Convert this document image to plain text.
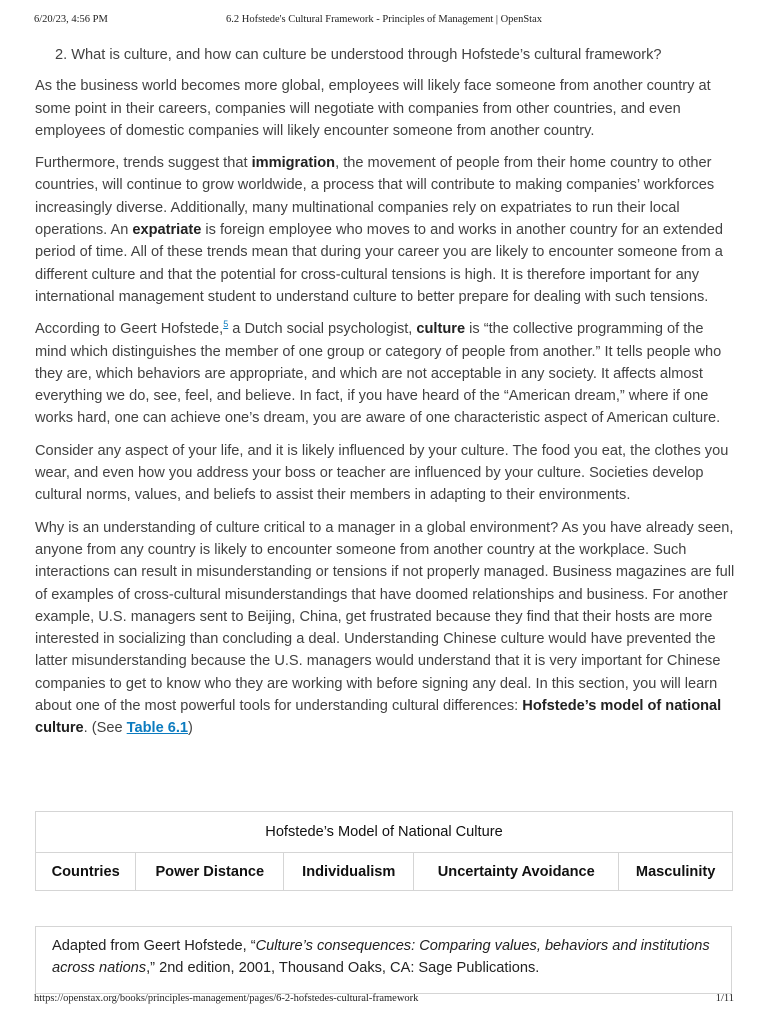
6/20/23, 4:56 PM	6.2 Hofstede's Cultural Framework - Principles of Management | OpenStax
2. What is culture, and how can culture be understood through Hofstede’s cultural framework?

As the business world becomes more global, employees will likely face someone from another country at some point in their careers, companies will negotiate with companies from other countries, and even employees of domestic companies will likely encounter someone from another country.

Furthermore, trends suggest that immigration, the movement of people from their home country to other countries, will continue to grow worldwide, a process that will contribute to making companies’ workforces increasingly diverse. Additionally, many multinational companies rely on expatriates to run their local operations. An expatriate is foreign employee who moves to and works in another country for an extended period of time. All of these trends mean that during your career you are likely to encounter someone from a different culture and that the potential for cross-cultural tensions is high. It is therefore important for any international management student to understand culture to better prepare for dealing with such tensions.

According to Geert Hofstede,$^5$ a Dutch social psychologist, culture is “the collective programming of the mind which distinguishes the member of one group or category of people from another.” It tells people who they are, which behaviors are appropriate, and which are not acceptable in any society. It affects almost everything we do, see, feel, and believe. In fact, if you have heard of the “American dream,” where if one works hard, one can achieve one’s dream, you are aware of one characteristic aspect of American culture.

Consider any aspect of your life, and it is likely influenced by your culture. The food you eat, the clothes you wear, and even how you address your boss or teacher are influenced by your culture. Societies develop cultural norms, values, and beliefs to assist their members in adapting to their environments.

Why is an understanding of culture critical to a manager in a global environment? As you have already seen, anyone from any country is likely to encounter someone from another country at the workplace. Such interactions can result in misunderstanding or tensions if not properly managed. Business magazines are full of examples of cross-cultural misunderstandings that have doomed relationships and business. For another example, U.S. managers sent to Beijing, China, get frustrated because they find that their hosts are more interested in socializing than concluding a deal. Understanding Chinese culture would have prevented the latter misunderstanding because the U.S. managers would understand that it is very important for Chinese companies to get to know who they are working with before signing any deal. In this section, you will learn about one of the most powerful tools for understanding cultural differences: Hofstede’s model of national culture. (See Table 6.1)

Hofstede’s Model of National Culture
Countries	Power Distance	Individualism	Uncertainty Avoidance	Masculinity
Adapted from Geert Hofstede, “Culture’s consequences: Comparing values, behaviors and institutions across nations,” 2nd edition, 2001, Thousand Oaks, CA: Sage Publications.
https://openstax.org/books/principles-management/pages/6-2-hofstedes-cultural-framework	1/11
